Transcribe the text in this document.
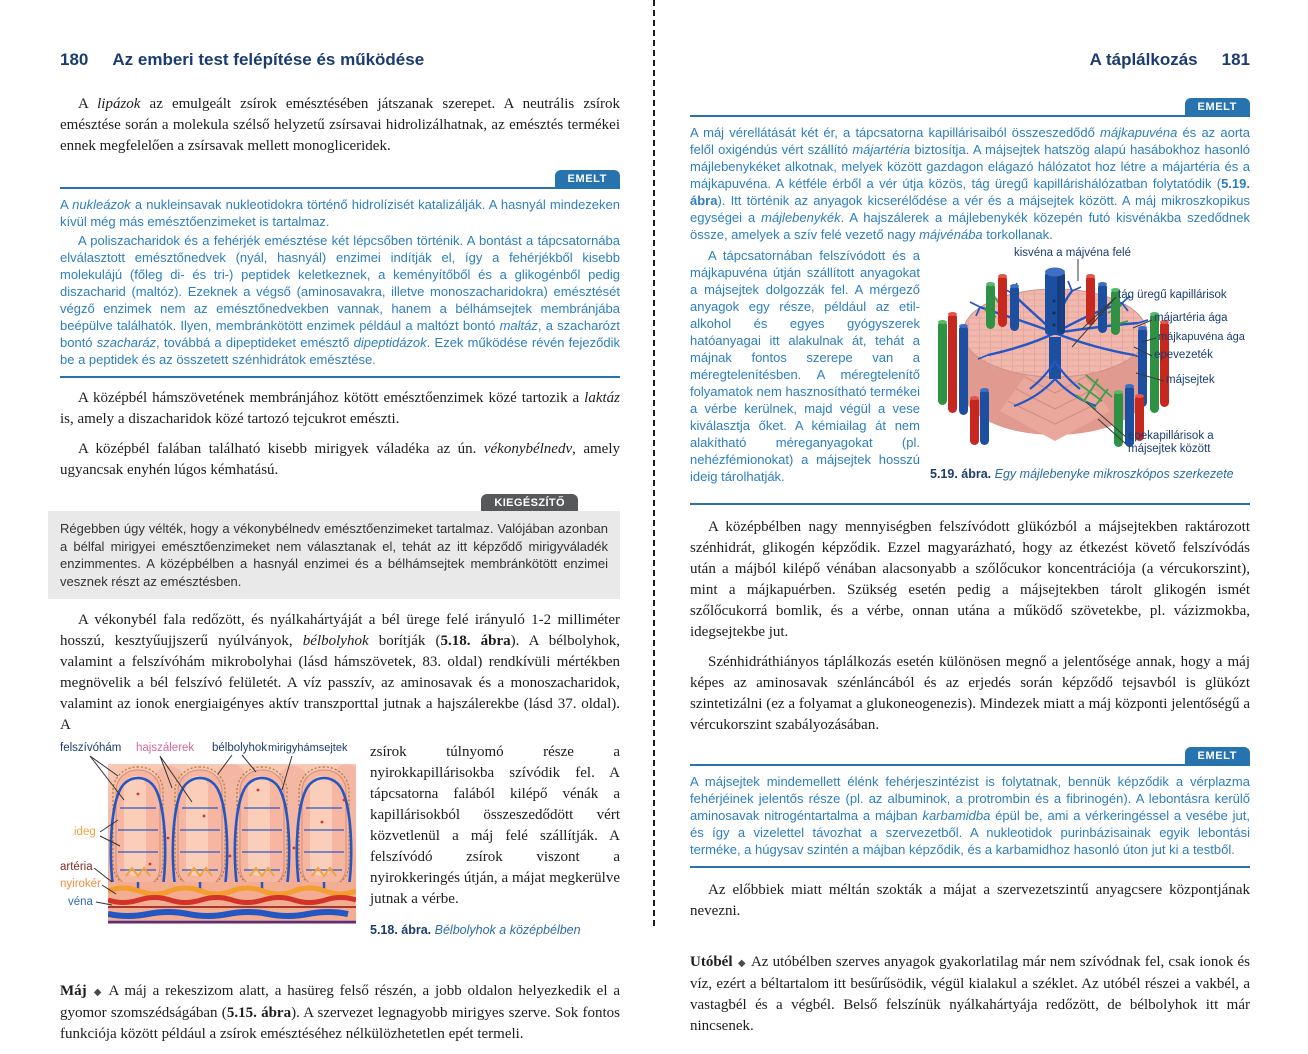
180 Az emberi test felépítése és működése

A lipázok az emulgeált zsírok emésztésében játszanak szerepet. A neutrális zsírok emésztése során a molekula szélső helyzetű zsírsavai hidrolizálhatnak, az emésztés termékei ennek megfelelően a zsírsavak mellett monogliceridek.

EMELT

A nukleázok a nukleinsavak nukleotidokra történő hidrolízisét katalizálják. A hasnyál mindezeken kívül még más emésztőenzimeket is tartalmaz.

A poliszacharidok és a fehérjék emésztése két lépcsőben történik. A bontást a tápcsatornába elválasztott emésztőnedvek (nyál, hasnyál) enzimei indítják el, így a fehérjékből kisebb molekulájú (főleg di- és tri-) peptidek keletkeznek, a keményítőből és a glikogénből pedig diszacharid (maltóz). Ezeknek a végső (aminosavakra, illetve monoszacharidokra) emésztését végző enzimek nem az emésztőnedvekben vannak, hanem a bélhámsejtek membránjába beépülve találhatók. Ilyen, membránkötött enzimek például a maltózt bontó maltáz, a szacharózt bontó szacharáz, továbbá a dipeptideket emésztő dipeptidázok. Ezek működése révén fejeződik be a peptidek és az összetett szénhidrátok emésztése.

A középbél hámszövetének membránjához kötött emésztőenzimek közé tartozik a laktáz is, amely a diszacharidok közé tartozó tejcukrot emészti.

A középbél falában található kisebb mirigyek váladéka az ún. vékonybélnedv, amely ugyancsak enyhén lúgos kémhatású.

KIEGÉSZÍTŐ
Régebben úgy vélték, hogy a vékonybélnedv emésztőenzimeket tartalmaz. Valójában azonban a bélfal mirigyei emésztőenzimeket nem választanak el, tehát az itt képződő mirigyváladék enzimmentes. A középbélben a hasnyál enzimei és a bélhámsejtek membránkötött enzimei vesznek részt az emésztésben.

A vékonybél fala redőzött, és nyálkahártyáját a bél ürege felé irányuló 1-2 milliméter hosszú, kesztyűujjszerű nyúlványok, bélbolyhok borítják (5.18. ábra). A bélbolyhok, valamint a felszívóhám mikrobolyhai (lásd hámszövetek, 83. oldal) rendkívüli mértékben megnövelik a bél felszívó felületét. A víz passzív, az aminosavak és a monoszacharidok, valamint az ionok energiaigényes aktív transzporttal jutnak a hajszálerekbe (lásd 37. oldal). A

felszívóhám hajszálerek bélbolyhok mirigyhámsejtek
ideg
artéria
nyirokér
véna

zsírok túlnyomó része a nyirokkapillárisokba szívódik fel. A tápcsatorna falából kilépő vénák a kapillárisokból összeszedődött vért közvetlenül a máj felé szállítják. A felszívódó zsírok viszont a nyirokkeringés útján, a májat megkerülve jutnak a vérbe.

5.18. ábra. Bélbolyhok a középbélben

Máj ◆ A máj a rekeszizom alatt, a hasüreg felső részén, a jobb oldalon helyezkedik el a gyomor szomszédságában (5.15. ábra). A szervezet legnagyobb mirigyes szerve. Sok fontos funkciója között például a zsírok emésztéséhez nélkülözhetetlen epét termeli.

A táplálkozás 181
EMELT

A máj vérellátását két ér, a tápcsatorna kapillárisaiból összeszedődő májkapuvéna és az aorta felől oxigéndús vért szállító májartéria biztosítja. A májsejtek hatszög alapú hasábokhoz hasonló májlebenykéket alkotnak, melyek között gazdagon elágazó hálózatot hoz létre a májartéria és a májkapuvéna. A kétféle érből a vér útja közös, tág üregű kapillárishálózatban folytatódik (5.19. ábra). Itt történik az anyagok kicserélődése a vér és a májsejtek között. A máj mikroszkopikus egységei a májlebenykék. A hajszálerek a májlebenykék közepén futó kisvénákba szedődnek össze, amelyek a szív felé vezető nagy májvénába torkollanak.

A tápcsatornában felszívódott és a májkapuvéna útján szállított anyagokat a májsejtek dolgozzák fel. A mérgező anyagok egy része, például az etil-alkohol és egyes gyógyszerek hatóanyagai itt alakulnak át, tehát a májnak fontos szerepe van a méregtelenítésben. A méregtelenítő folyamatok nem hasznosítható termékei a vérbe kerülnek, majd végül a vese kiválasztja őket. A kémiailag át nem alakítható méreganyagokat (pl. nehézfémionokat) a májsejtek hosszú ideig tárolhatják.

kisvéna a májvéna felé
tág üregű kapillárisok
májartéria ága
májkapuvéna ága
epevezeték
májsejtek
epekapillárisok a májsejtek között

5.19. ábra. Egy májlebenyke mikroszkópos szerkezete

A középbélben nagy mennyiségben felszívódott glükózból a májsejtekben raktározott szénhidrát, glikogén képződik. Ezzel magyarázható, hogy az étkezést követő felszívódás után a májból kilépő vénában alacsonyabb a szőlőcukor koncentrációja (a vércukorszint), mint a májkapuérben. Szükség esetén pedig a májsejtekben tárolt glikogén ismét szőlőcukorrá bomlik, és a vérbe, onnan utána a működő szövetekbe, pl. vázizmokba, idegsejtekbe jut.

Szénhidráthiányos táplálkozás esetén különösen megnő a jelentősége annak, hogy a máj képes az aminosavak szénláncából és az erjedés során képződő tejsavból is glükózt szintetizálni (ez a folyamat a glukoneogenezis). Mindezek miatt a máj központi jelentőségű a vércukorszint szabályozásában.

EMELT

A májsejtek mindemellett élénk fehérjeszintézist is folytatnak, bennük képződik a vérplazma fehérjéinek jelentős része (pl. az albuminok, a protrombin és a fibrinogén). A lebontásra kerülő aminosavak nitrogéntartalma a májban karbamidba épül be, ami a vérkeringéssel a vesébe jut, és így a vizelettel távozhat a szervezetből. A nukleotidok purinbázisainak egyik lebontási terméke, a húgysav szintén a májban képződik, és a karbamidhoz hasonló úton jut ki a testből.

Az előbbiek miatt méltán szokták a májat a szervezetszintű anyagcsere központjának nevezni.

Utóbél ◆ Az utóbélben szerves anyagok gyakorlatilag már nem szívódnak fel, csak ionok és víz, ezért a béltartalom itt besűrűsödik, végül kialakul a széklet. Az utóbél részei a vakbél, a vastagbél és a végbél. Belső felszínük nyálkahártyája redőzött, de bélbolyhok itt már nincsenek.
